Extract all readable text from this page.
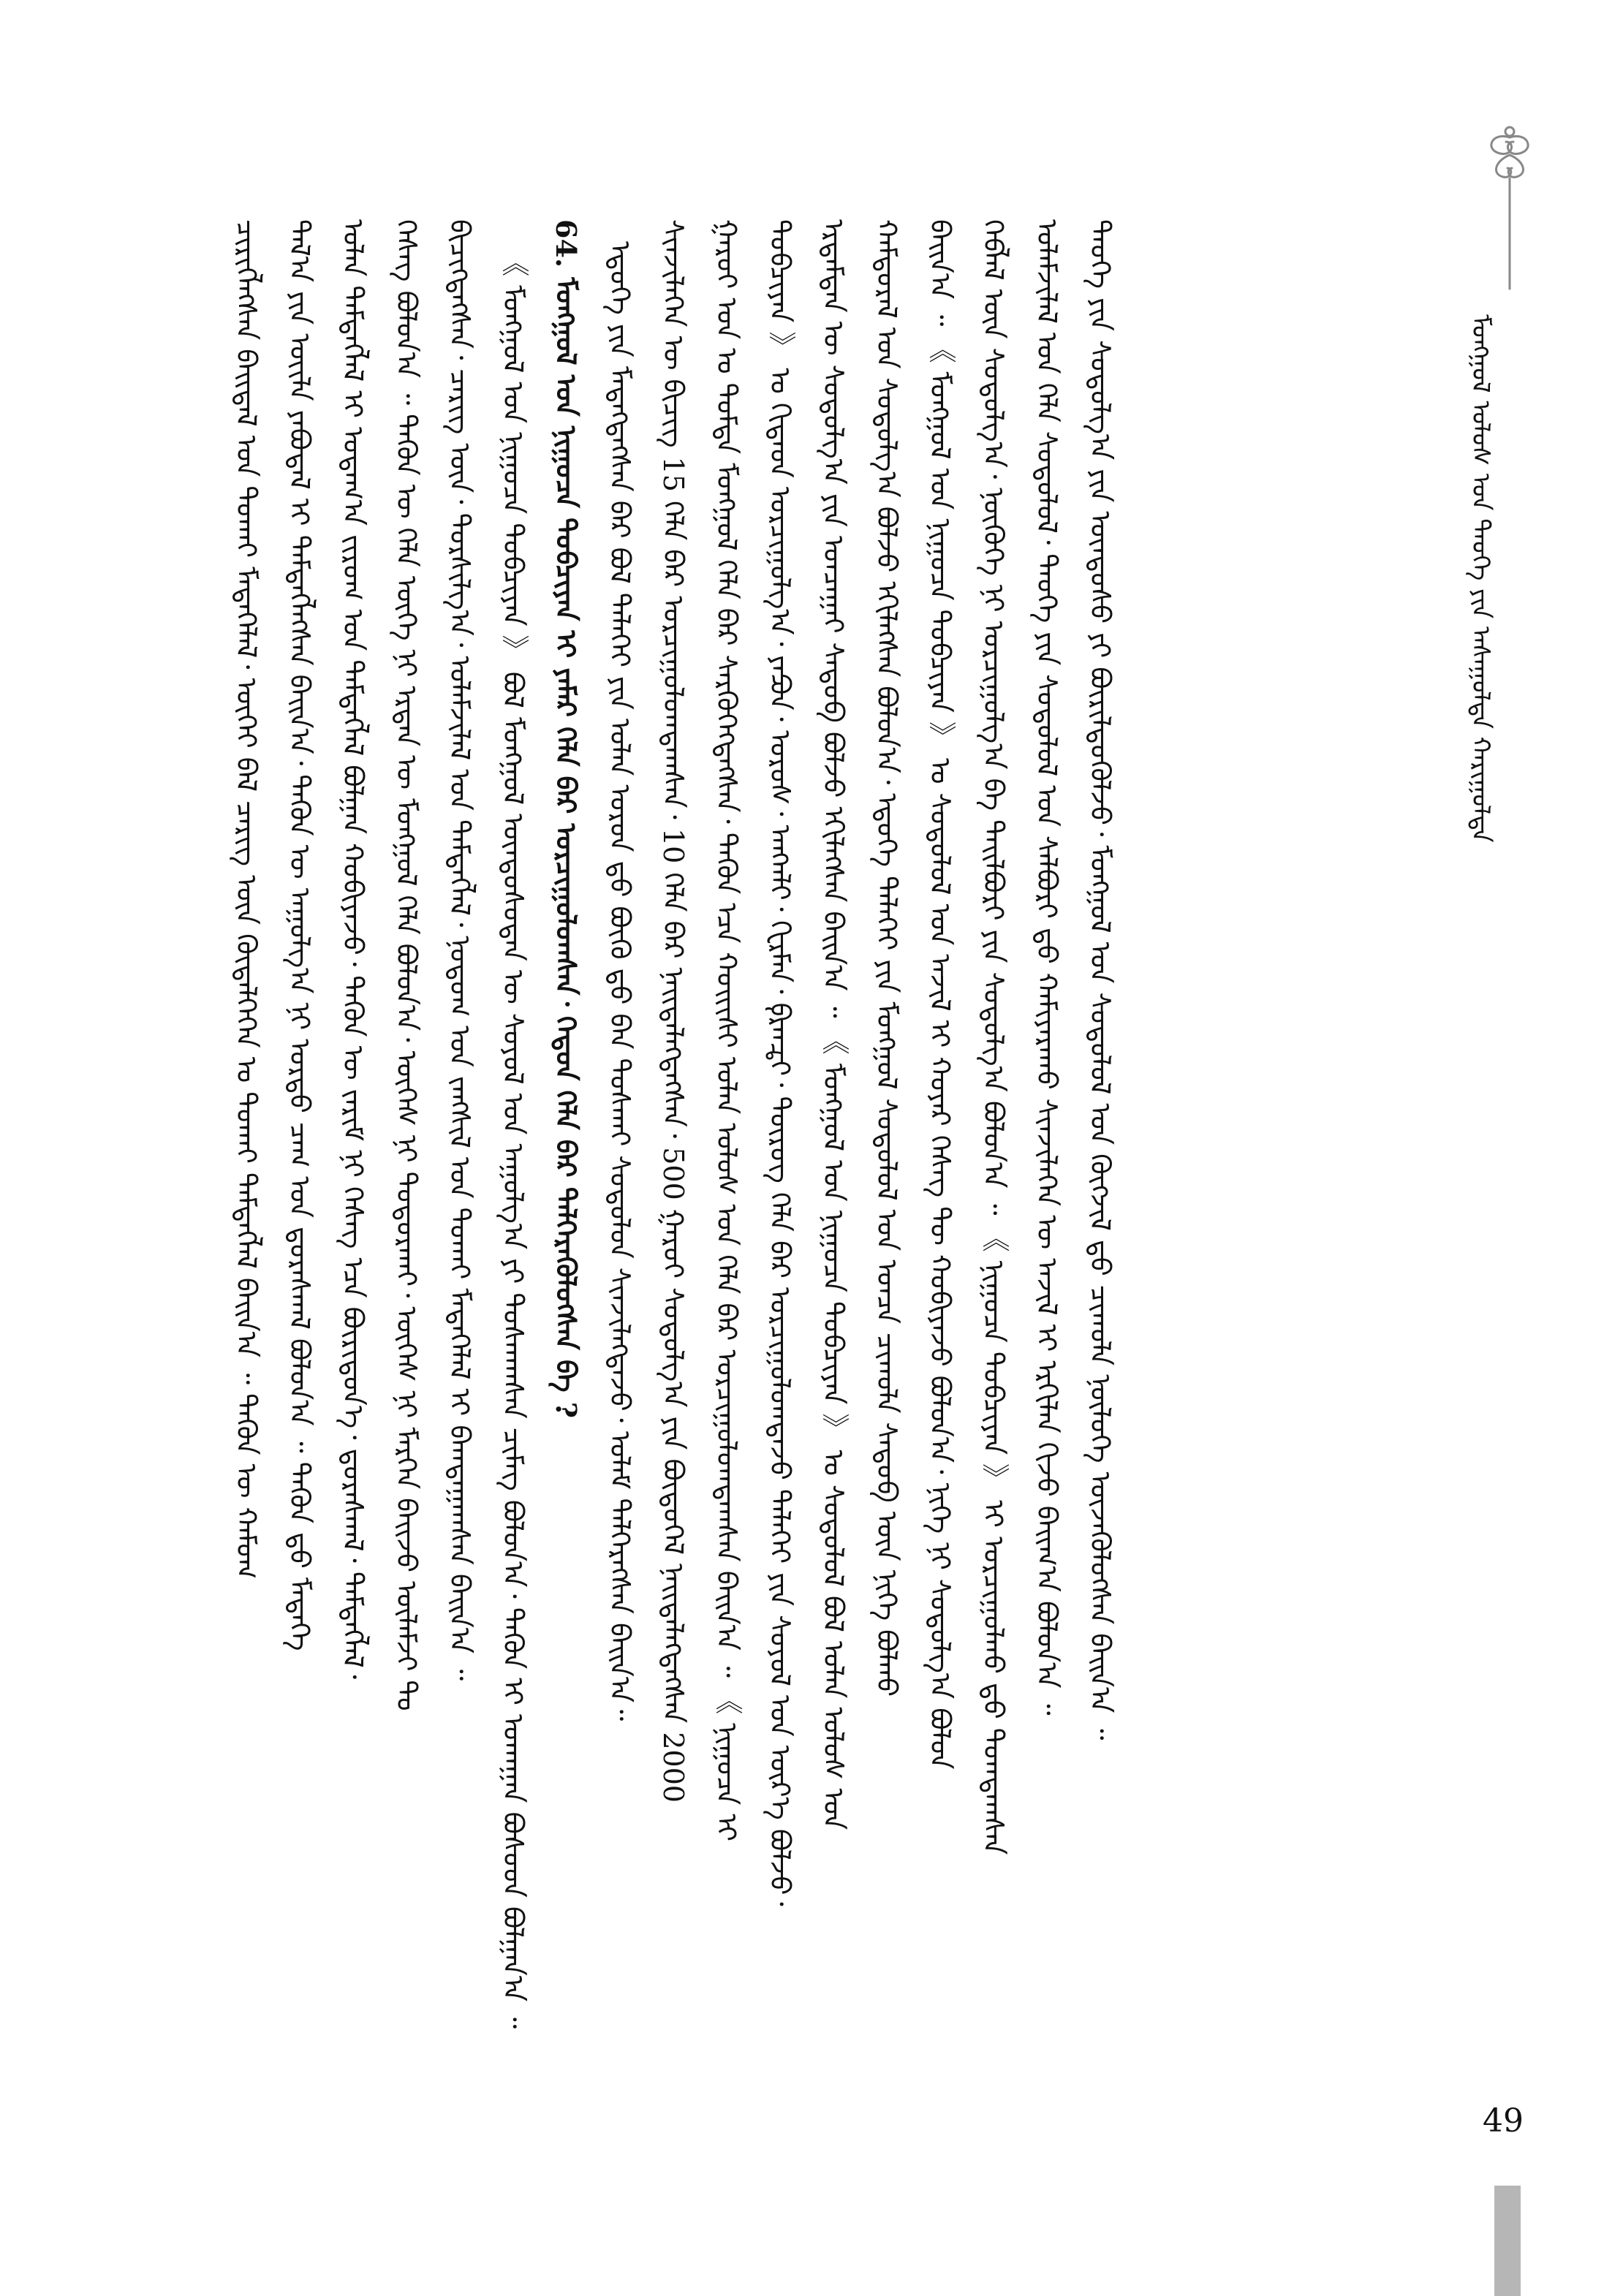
ᠮᠣᠩᠭᠣᠯ ᠤᠯᠤᠰ ᠤᠨ ᠲᠡᠦᠬᠡ ᠶᠢᠨ ᠠᠰᠠᠭᠤᠯᠲᠠ ᠬᠠᠷᠢᠭᠤᠯᠲᠠ
ᠴᠢᠷᠢᠭᠯᠡᠭᠰᠡᠨ ᠪᠠᠢᠳᠠᠯ ᠤᠨ ᠲᠤᠬᠠᠢ ᠮᠡᠳᠡᠭᠡᠯᠡᠯ᠂ ᠦᠭᠡᠢ ᠪᠡᠯ ᠴᠡᠷᠢᠭ ᠦᠨ ᠬᠥᠳᠡᠯᠭᠡᠭᠡᠨ ᠤ ᠲᠤᠬᠠᠢ ᠲᠡᠮᠳᠡᠭᠯᠡᠯ ᠪᠠᠢᠨ᠎ᠠ ᠃ ᠲᠡᠭᠦᠨ ᠦ ᠬᠠᠮᠤᠭ ᠲᠠᠯ᠎ᠠ ᠶᠢᠨ ᠦᠢᠯᠡ ᠶᠠᠪᠤᠳᠠᠯ ᠢ ᠲᠡᠮᠳᠡᠭᠯᠡᠭᠰᠡᠨ ᠪᠠᠢᠨ᠎ᠠ᠂ ᠲᠡᠭᠦᠨ ᠦ ᠠᠭᠤᠯᠭ᠎ᠠ ᠨᠢ ᠤᠷᠲᠤ ᠴᠠᠭ ᠤᠨ ᠳ᠋ᠤᠷᠠᠰᠬᠠᠯ ᠪᠣᠯᠤᠨ᠎ᠠ ᠃ ᠲᠡᠭᠦᠨ ᠳ᠋ᠦ ᠮᠡᠳᠡᠭᠡ ᠣᠯᠠᠨ ᠲᠡᠮᠳᠡᠭᠯᠡᠯ ᠢ ᠤᠳᠠᠭ᠎ᠠ ᠵᠢᠷᠤᠭ ᠤᠨ ᠲᠡᠮᠳᠡᠭᠯᠡᠯ ᠪᠣᠯᠭᠠᠨ ᠬᠤᠪᠢᠶᠠᠵᠤ᠂ ᠲᠡᠭᠦᠨ ᠦ ᠵᠠᠷᠢᠮ ᠨᠢ ᠬᠡᠰᠡᠭ ᠡᠴᠡ ᠪᠦᠷᠢᠳᠦᠨ᠎ᠡ᠂ ᠳ᠋ᠤᠷᠠᠰᠬᠠᠯ᠂ ᠲᠡᠮᠳᠡᠭᠯᠡᠯ᠂ ᠬᠡᠰᠡᠭ ᠪᠣᠯᠤᠨ᠎ᠠ ᠃ ᠲᠡᠭᠦᠨ ᠦ ᠬᠡᠯᠡ ᠦᠭᠡ ᠨᠢ ᠡᠷᠲᠡᠨ ᠦ ᠮᠣᠩᠭᠣᠯ ᠬᠡᠯᠡ ᠪᠣᠯᠤᠨ᠎ᠠ᠂ ᠦᠭᠡᠰ ᠨᠢ ᠲᠣᠳᠣᠷᠬᠠᠢ᠂ ᠦᠭᠡᠰ ᠨᠢ ᠮᠡᠷᠭᠡᠨ ᠪᠠᠢᠵᠤ ᠦᠯᠡᠮᠵᠢ ᠲᠤ ᠪᠢᠴᠢᠭᠳᠡᠭᠰᠡᠨ᠂ ᠴᠡᠷᠢᠭ ᠦᠨ᠂ ᠲᠤᠷᠰᠢᠯᠭ᠎ᠠ᠂ ᠤᠯᠠᠮᠵᠢᠯᠠᠯ ᠤᠨ ᠲᠡᠮᠳᠡᠭᠯᠡᠯ᠂ ᠨᠤᠲᠤᠭ ᠤᠨ ᠵᠠᠩᠰᠢᠯ ᠤᠨ ᠲᠤᠬᠠᠢ ᠮᠡᠳᠡᠭᠡᠯᠡᠯ ᠢ ᠪᠠᠭᠳᠠᠭᠠᠭᠰᠠᠨ ᠪᠠᠢᠨ᠎ᠠ ᠃ 《 ᠮᠣᠩᠭᠣᠯ ᠤᠨ ᠨᠢᠭᠤᠴᠠ ᠲᠣᠪᠴᠢᠶᠠᠨ 》 ᠪᠣᠯ ᠮᠣᠩᠭᠣᠯ ᠦᠨᠳᠦᠰᠦᠲᠡᠨ ᠦ ᠰᠣᠶᠣᠯ ᠤᠨ ᠠᠭᠤᠯᠭ᠎ᠠ ᠶᠢ ᠲᠤᠰᠬᠠᠭᠰᠠᠨ ᠴᠢᠮᠡᠭ ᠪᠣᠯᠤᠨ᠎ᠠ᠂ ᠲᠡᠭᠦᠨ ᠢ ᠤᠬᠠᠭᠠᠨ ᠪᠤᠰᠤᠳ ᠪᠣᠯᠭᠠᠨ᠎ᠠ ᠃
64. ᠮᠣᠩᠭᠣᠯ ᠤᠨ ᠨᠢᠭᠤᠴᠠ ᠲᠣᠪᠴᠢᠶᠠᠨ ᠢ ᠶᠠᠮᠠᠷ ᠬᠡᠯᠡ ᠪᠡᠷ ᠣᠷᠴᠢᠭᠤᠯᠤᠭᠰᠠᠨ᠂ ᠬᠡᠳᠦᠨ ᠬᠡᠯᠡ ᠪᠡᠷ ᠳᠡᠯᠭᠡᠷᠡᠭᠦᠯᠦᠭᠰᠡᠨ ᠪᠡ ? ᠡᠳᠦᠭᠡ ᠶᠢᠨ ᠮᠡᠳᠡᠭᠳᠡᠭᠰᠡᠨ ᠪᠡᠷ ᠪᠣᠯ ᠳᠡᠯᠡᠬᠡᠢ ᠶᠢᠨ ᠣᠯᠠᠨ ᠣᠷᠣᠨ ᠳ᠋ᠤ ᠪᠦᠬᠦ ᠳ᠋ᠦ ᠪᠡᠨ ᠲᠤᠰᠬᠠᠢ ᠰᠤᠳᠤᠯᠤᠨ ᠰᠢᠨᠵᠢᠯᠡᠭᠳᠡᠵᠦ᠂ ᠤᠯᠠᠮ ᠳᠡᠯᠭᠡᠷᠡᠭᠰᠡᠨ ᠪᠠᠢᠨ᠎ᠠ᠃ ᠰᠢᠨᠵᠢᠯᠡᠭᠡᠨ ᠦ ᠪᠢᠴᠢᠭ 15 ᠬᠡᠯᠡ ᠪᠡᠷ ᠣᠷᠴᠢᠭᠤᠯᠤᠭᠳᠠᠭᠰᠠᠨ᠂ 10 ᠬᠡᠯᠡ ᠪᠡᠷ ᠨᠡᠢᠲᠡᠯᠡᠭᠳᠡᠭᠰᠡᠨ᠂ 500 ᠭᠠᠷᠤᠢ ᠰᠤᠳᠤᠯᠭ᠎ᠠ ᠶᠢᠨ ᠪᠦᠲᠦᠭᠡᠯ ᠨᠡᠢᠲᠡᠯᠡᠭᠳᠡᠭᠰᠡᠨ 2000 ᠭᠠᠷᠤᠢ ᠣᠨ ᠤ ᠳᠤᠮᠳᠠ ᠮᠣᠩᠭᠣᠯ ᠬᠡᠯᠡ ᠪᠡᠷ ᠰᠡᠷᠭᠦᠭᠡᠭᠳᠡᠭᠰᠡᠨ᠂ ᠲᠡᠭᠦᠨ ᠡᠴᠡ ᠬᠣᠢᠢᠰᠢ ᠣᠯᠠᠨ ᠤᠯᠤᠰ ᠤᠨ ᠬᠡᠯᠡ ᠪᠡᠷ ᠣᠷᠴᠢᠭᠤᠯᠤᠭᠳᠠᠭᠰᠠᠨ ᠪᠠᠢᠨ᠎ᠠ ᠃ 《 ᠨᠢᠭᠤᠴᠠ ᠢ ᠲᠣᠪᠴᠢᠶᠠᠨ 》 ᠤ ᠬᠢᠲᠠᠳ ᠣᠷᠴᠢᠭᠤᠯᠭ᠎ᠠ᠂ ᠶᠠᠫᠣᠨ᠂ ᠣᠷᠤᠰ᠂ ᠠᠩᠭ᠍ᠯᠢ᠂ ᠭᠧᠷᠮᠠᠨ᠂ ᠹᠷᠠᠨᠼᠢ᠂ ᠲᠦᠷᠦᠭ ᠬᠡᠯᠡ ᠪᠡᠷ ᠣᠷᠴᠢᠭᠤᠯᠤᠭᠳᠠᠵᠤ ᠳᠡᠯᠡᠬᠡᠢ ᠶᠢᠨ ᠰᠣᠶᠣᠯ ᠤᠨ ᠦᠷ᠎ᠡ ᠪᠣᠯᠵᠤ᠂ ᠡᠷᠳᠡᠮᠲᠡᠨ ᠦ ᠰᠤᠳᠤᠯᠭ᠎ᠠ ᠶᠢᠨ ᠣᠨᠴᠠᠭᠠᠢ ᠰᠡᠳᠦᠪ ᠪᠣᠯᠵᠤ ᠡᠬᠢᠯᠡᠭᠰᠡᠨ ᠪᠠᠢᠨ᠎ᠠ ᠃ 《 ᠮᠣᠩᠭᠣᠯ ᠤᠨ ᠨᠢᠭᠤᠴᠠ ᠲᠣᠪᠴᠢᠶᠠᠨ 》 ᠤ ᠰᠤᠳᠤᠯᠤᠯ ᠪᠣᠯ ᠣᠯᠠᠨ ᠤᠯᠤᠰ ᠤᠨ ᠬᠠᠮᠲᠤᠷᠠᠯ ᠤᠨ ᠰᠤᠳᠤᠯᠭ᠎ᠠ ᠪᠣᠯᠵᠤ ᠡᠬᠢᠯᠡᠭᠰᠡᠨ ᠪᠣᠯᠣᠨ᠎ᠠ᠂ ᠡᠳᠦᠭᠡ ᠳᠡᠯᠡᠬᠡᠢ ᠶᠢᠨ ᠮᠣᠩᠭᠣᠯ ᠰᠤᠳᠤᠯᠤᠯ ᠤᠨ ᠣᠨᠴᠠ ᠴᠢᠬᠤᠯᠠ ᠰᠡᠳᠦᠪ ᠦᠨ ᠨᠢᠭᠡ ᠪᠣᠯᠬᠤ ᠪᠠᠢᠨ᠎ᠠ ᠃ 《 ᠮᠣᠩᠭᠣᠯ ᠤᠨ ᠨᠢᠭᠤᠴᠠ ᠲᠣᠪᠴᠢᠶᠠᠨ 》 ᠤ ᠰᠤᠳᠤᠯᠤᠯ ᠤᠨ ᠠᠵᠢᠯ ᠢ ᠬᠣᠶᠠᠷ ᠬᠡᠰᠡᠭ ᠲᠦ ᠬᠤᠪᠢᠶᠠᠵᠤ ᠪᠣᠯᠣᠨ᠎ᠠ᠂ ᠨᠢᠭᠡ ᠨᠢ ᠰᠤᠳᠤᠯᠭ᠎ᠠ ᠪᠣᠯᠤᠨ ᠬᠡᠪᠯᠡᠯ ᠦᠨ ᠰᠤᠳᠤᠯᠭ᠎ᠠ᠂ ᠨᠦᠭᠦᠭᠡ ᠨᠢ ᠣᠷᠴᠢᠭᠤᠯᠭ᠎ᠠ ᠪᠠ ᠲᠠᠢᠯᠪᠤᠷᠢ ᠶᠢᠨ ᠰᠤᠳᠤᠯᠭ᠎ᠠ ᠪᠣᠯᠤᠨ᠎ᠠ ᠃ 《 ᠨᠢᠭᠤᠴᠠ ᠲᠣᠪᠴᠢᠶᠠᠨ 》 ᠢ ᠣᠷᠴᠢᠭᠤᠯᠬᠤ ᠳ᠋ᠤ ᠲᠣᠭᠲᠠᠭᠰᠠᠨ ᠤᠯᠠᠮᠵᠢᠯᠠᠯ ᠤᠨ ᠬᠡᠯᠡ ᠰᠤᠳᠤᠯᠤᠯ᠂ ᠲᠡᠦᠬᠡ ᠶᠢᠨ ᠰᠤᠳᠤᠯᠤᠯ ᠤᠨ ᠰᠠᠯᠪᠤᠷᠢ ᠳ᠋ᠤ ᠬᠠᠮᠢᠶᠠᠷᠠᠬᠤ ᠰᠢᠨᠵᠢᠯᠡᠭᠡᠨ ᠦ ᠠᠵᠢᠯ ᠢ ᠡᠷᠬᠢᠯᠡᠨ ᠬᠢᠵᠦ ᠪᠠᠢᠭ᠎ᠠ ᠪᠣᠯᠤᠨ᠎ᠠ ᠃ ᠲᠡᠦᠬᠡ ᠶᠢᠨ ᠰᠤᠳᠤᠯᠭ᠎ᠠ ᠶᠢᠨ ᠦᠨᠳᠦᠰᠦ ᠶᠢ ᠪᠦᠷᠢᠯᠳᠦᠭᠦᠯᠵᠦ᠂ ᠮᠣᠩᠭᠣᠯ ᠤᠨ ᠰᠤᠳᠤᠯᠤᠯ ᠤᠨ ᠬᠥᠭᠵᠢᠯ ᠳ᠋ᠦ ᠴᠢᠬᠤᠯᠠ ᠨᠥᠯᠦᠭᠡ ᠦᠵᠡᠭᠦᠯᠦᠭᠰᠡᠨ ᠪᠠᠢᠨ᠎ᠠ ᠃
49
